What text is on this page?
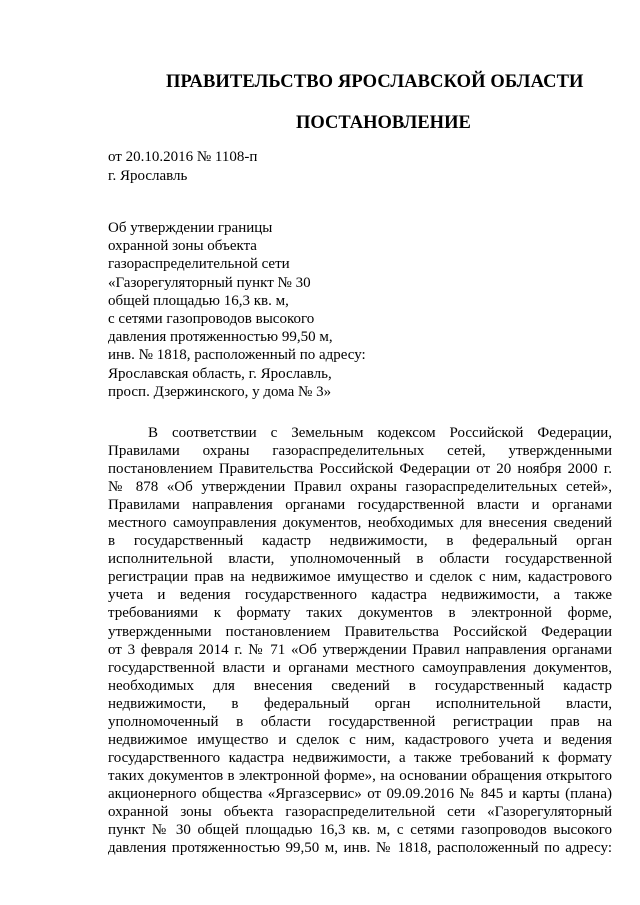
ПРАВИТЕЛЬСТВО ЯРОСЛАВСКОЙ ОБЛАСТИ
ПОСТАНОВЛЕНИЕ
от 20.10.2016 № 1108-п
г. Ярославль
Об утверждении границы
охранной зоны объекта
газораспределительной сети
«Газорегуляторный пункт № 30
общей площадью 16,3 кв. м,
с сетями газопроводов высокого
давления протяженностью 99,50 м,
инв. № 1818, расположенный по адресу:
Ярославская область, г. Ярославль,
просп. Дзержинского, у дома № 3»
В соответствии с Земельным кодексом Российской Федерации,
Правилами охраны газораспределительных сетей, утвержденными
постановлением Правительства Российской Федерации от 20 ноября 2000 г.
№ 878 «Об утверждении Правил охраны газораспределительных сетей»,
Правилами направления органами государственной власти и органами
местного самоуправления документов, необходимых для внесения сведений
в государственный кадастр недвижимости, в федеральный орган
исполнительной власти, уполномоченный в области государственной
регистрации прав на недвижимое имущество и сделок с ним, кадастрового
учета и ведения государственного кадастра недвижимости, а также
требованиями к формату таких документов в электронной форме,
утвержденными постановлением Правительства Российской Федерации
от 3 февраля 2014 г. № 71 «Об утверждении Правил направления органами
государственной власти и органами местного самоуправления документов,
необходимых для внесения сведений в государственный кадастр
недвижимости, в федеральный орган исполнительной власти,
уполномоченный в области государственной регистрации прав на
недвижимое имущество и сделок с ним, кадастрового учета и ведения
государственного кадастра недвижимости, а также требований к формату
таких документов в электронной форме», на основании обращения открытого
акционерного общества «Яргазсервис» от 09.09.2016 № 845 и карты (плана)
охранной зоны объекта газораспределительной сети «Газорегуляторный
пункт № 30 общей площадью 16,3 кв. м, с сетями газопроводов высокого
давления протяженностью 99,50 м, инв. № 1818, расположенный по адресу:
